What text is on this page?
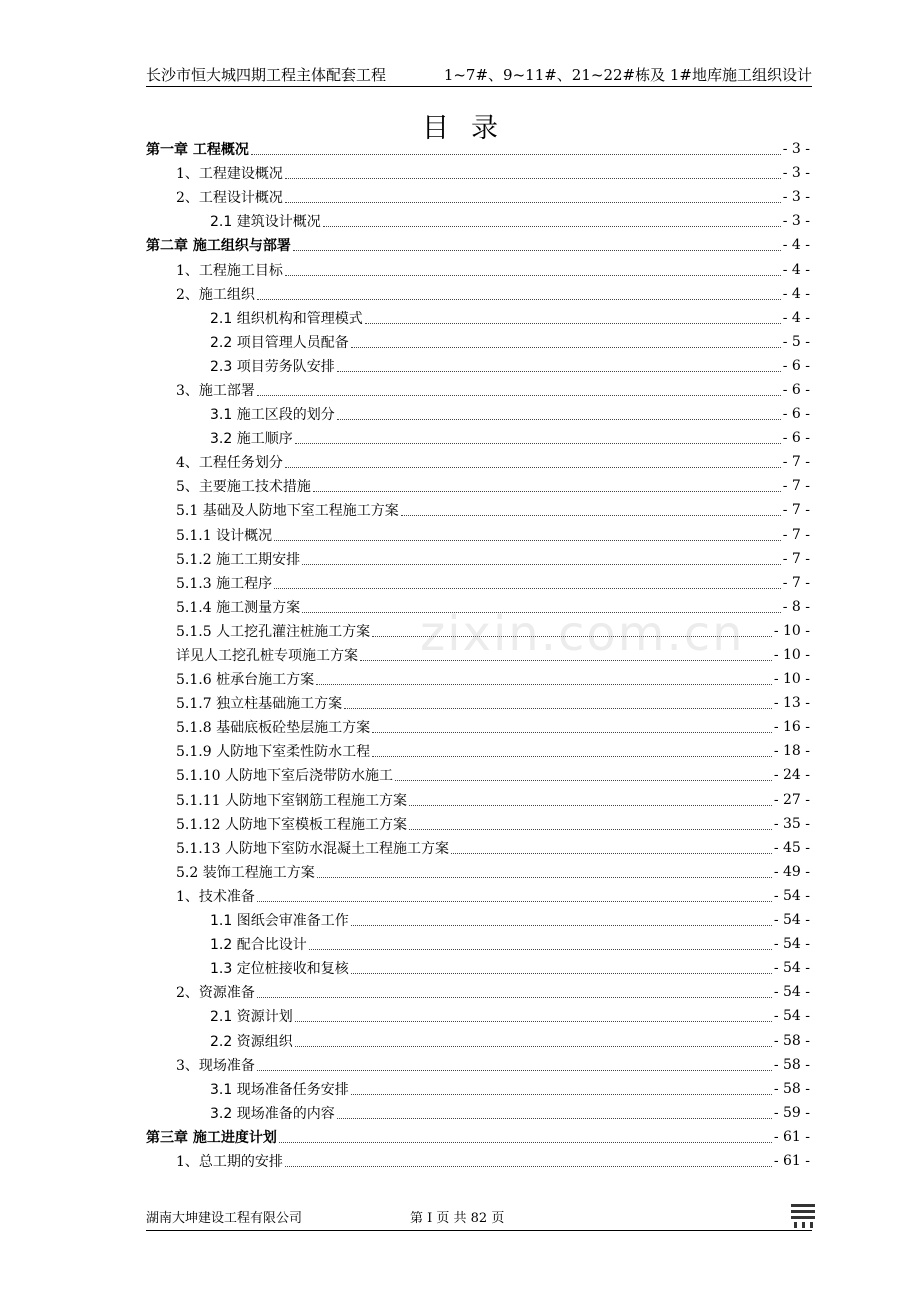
长沙市恒大城四期工程主体配套工程	1~7#、9~11#、21~22#栋及 1#地库施工组织设计
目录
第一章 工程概况	- 3 -
1、工程建设概况	- 3 -
2、工程设计概况	- 3 -
2.1 建筑设计概况	- 3 -
第二章 施工组织与部署	- 4 -
1、工程施工目标	- 4 -
2、施工组织	- 4 -
2.1 组织机构和管理模式	- 4 -
2.2 项目管理人员配备	- 5 -
2.3 项目劳务队安排	- 6 -
3、施工部署	- 6 -
3.1 施工区段的划分	- 6 -
3.2 施工顺序	- 6 -
4、工程任务划分	- 7 -
5、主要施工技术措施	- 7 -
5.1 基础及人防地下室工程施工方案	- 7 -
5.1.1 设计概况	- 7 -
5.1.2 施工工期安排	- 7 -
5.1.3 施工程序	- 7 -
5.1.4 施工测量方案	- 8 -
5.1.5 人工挖孔灌注桩施工方案	- 10 -
详见人工挖孔桩专项施工方案	- 10 -
5.1.6 桩承台施工方案	- 10 -
5.1.7 独立柱基础施工方案	- 13 -
5.1.8 基础底板砼垫层施工方案	- 16 -
5.1.9 人防地下室柔性防水工程	- 18 -
5.1.10 人防地下室后浇带防水施工	- 24 -
5.1.11 人防地下室钢筋工程施工方案	- 27 -
5.1.12 人防地下室模板工程施工方案	- 35 -
5.1.13 人防地下室防水混凝土工程施工方案	- 45 -
5.2 装饰工程施工方案	- 49 -
1、技术准备	- 54 -
1.1 图纸会审准备工作	- 54 -
1.2 配合比设计	- 54 -
1.3 定位桩接收和复核	- 54 -
2、资源准备	- 54 -
2.1 资源计划	- 54 -
2.2 资源组织	- 58 -
3、现场准备	- 58 -
3.1 现场准备任务安排	- 58 -
3.2 现场准备的内容	- 59 -
第三章 施工进度计划	- 61 -
1、总工期的安排	- 61 -
zixin.com.cn
湖南大坤建设工程有限公司	第 I 页 共 82 页
